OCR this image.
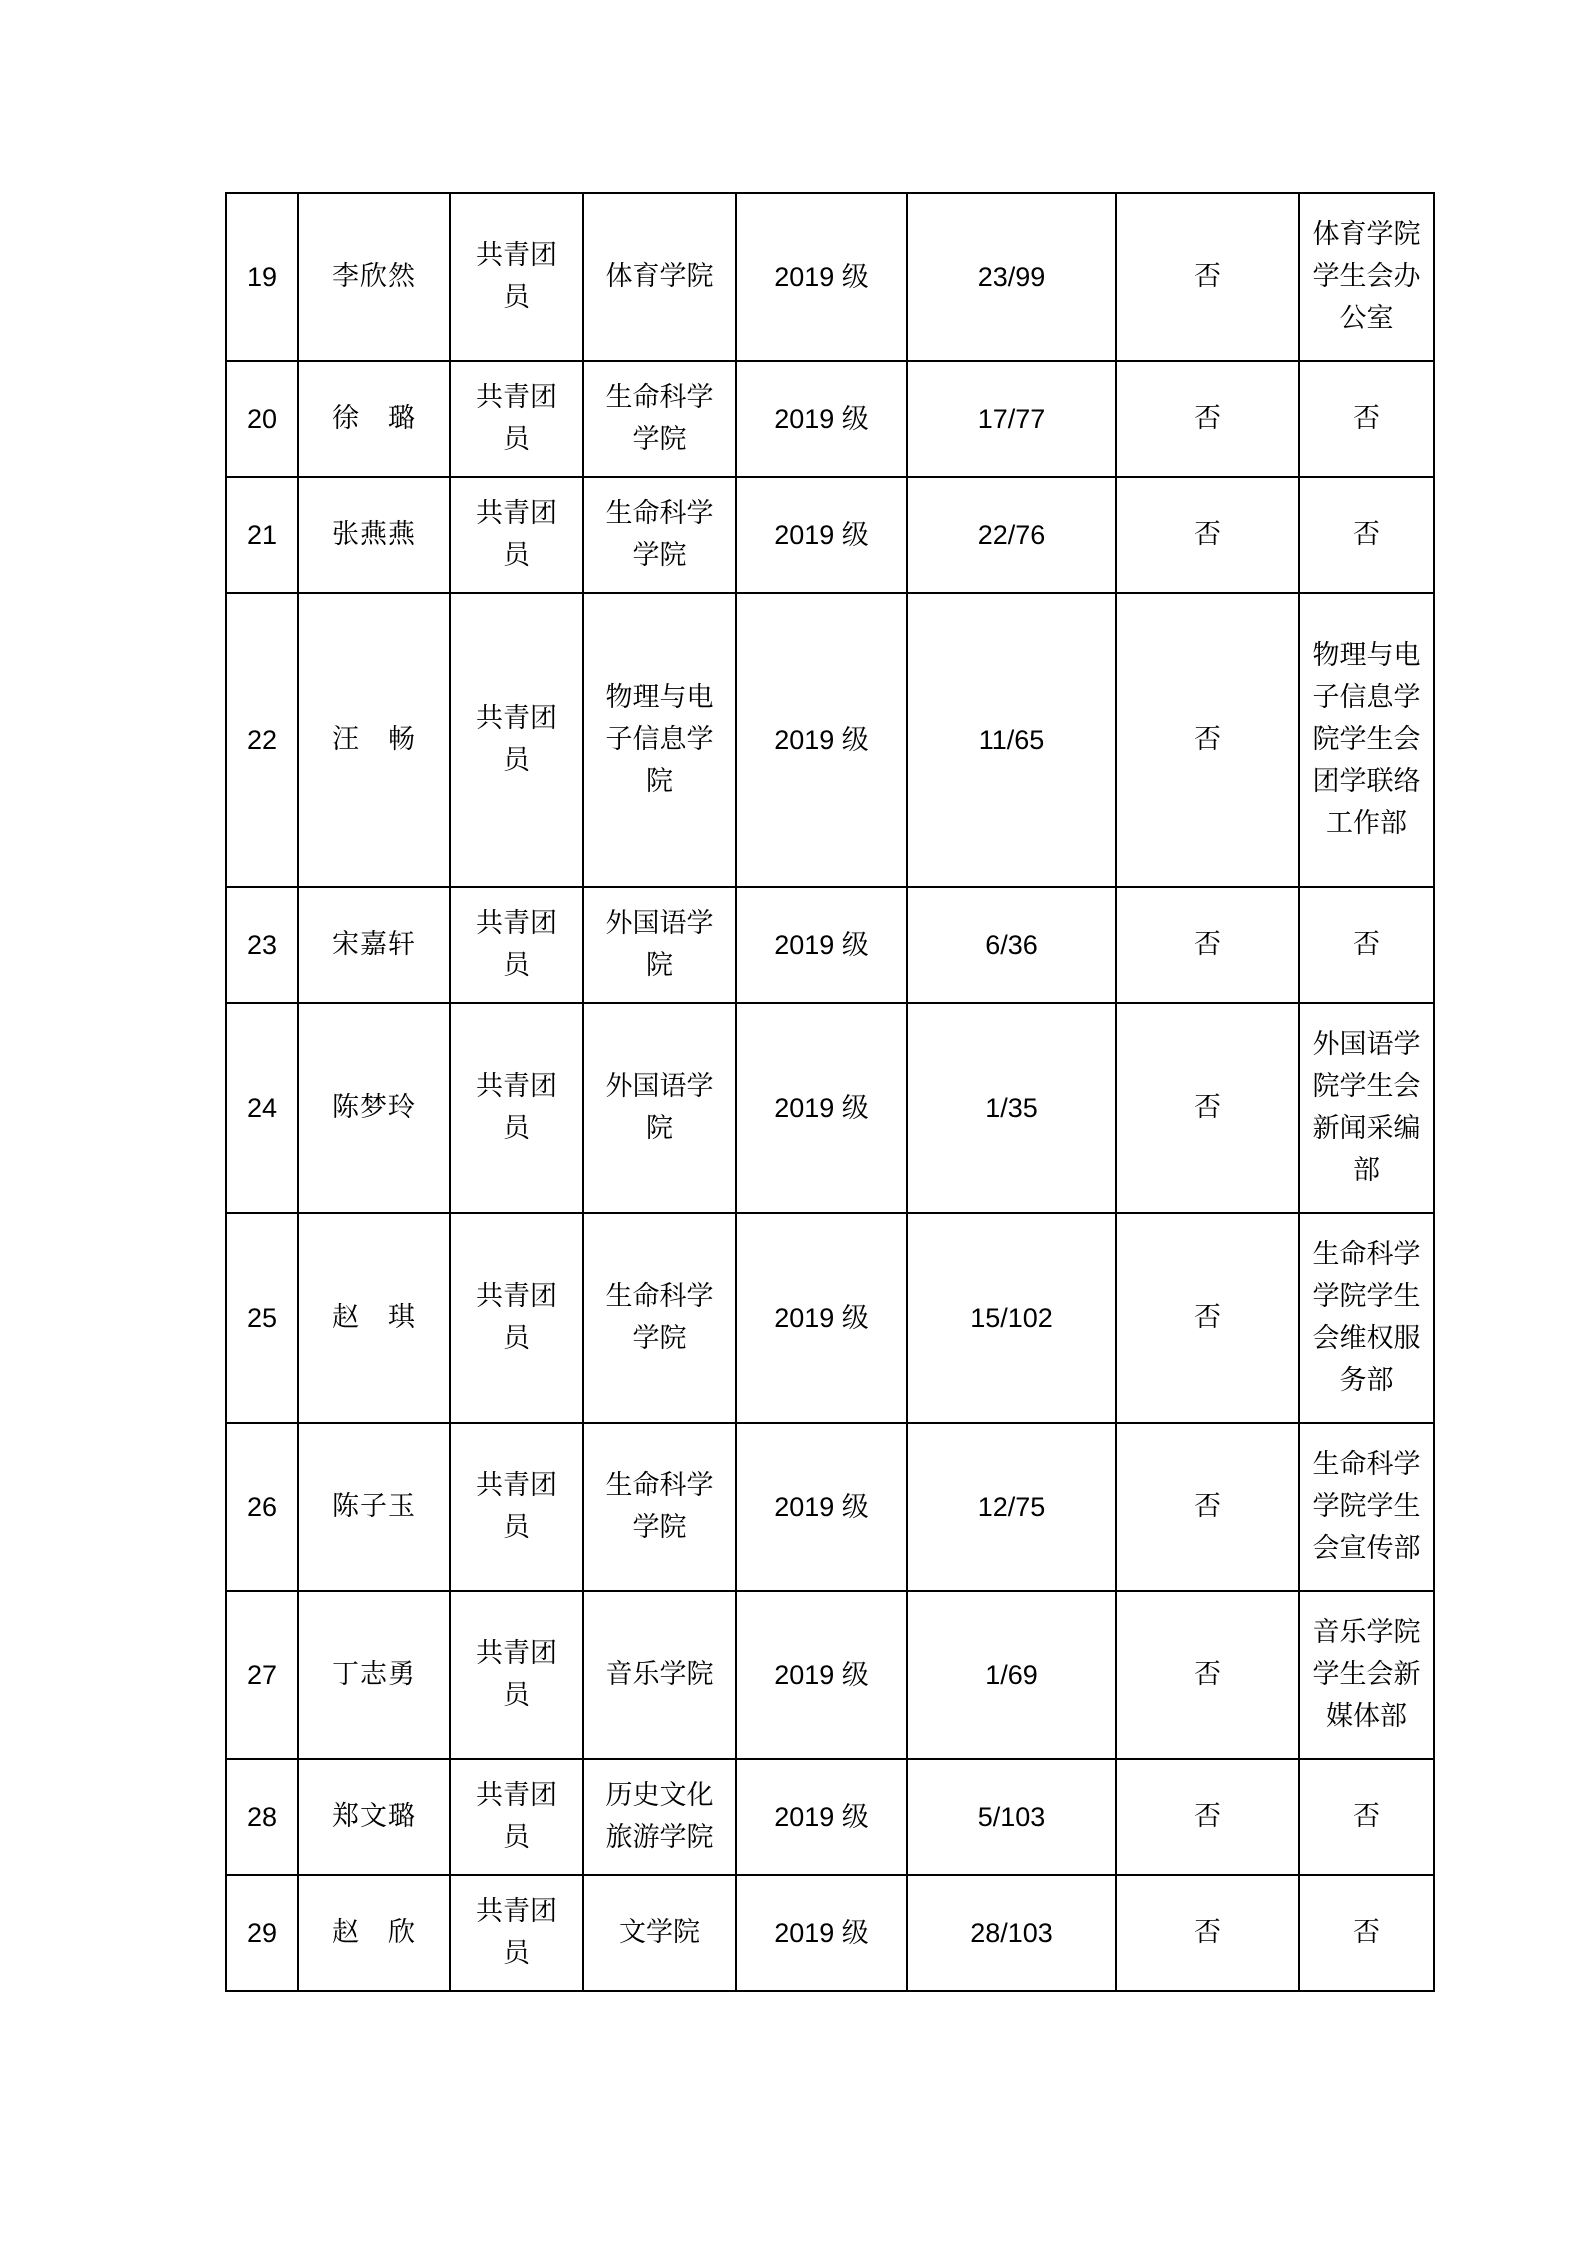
19	李欣然	共青团员	体育学院	2019 级	23/99	否	体育学院学生会办公室
20	徐　璐	共青团员	生命科学学院	2019 级	17/77	否	否
21	张燕燕	共青团员	生命科学学院	2019 级	22/76	否	否
22	汪　畅	共青团员	物理与电子信息学院	2019 级	11/65	否	物理与电子信息学院学生会团学联络工作部
23	宋嘉轩	共青团员	外国语学院	2019 级	6/36	否	否
24	陈梦玲	共青团员	外国语学院	2019 级	1/35	否	外国语学院学生会新闻采编部
25	赵　琪	共青团员	生命科学学院	2019 级	15/102	否	生命科学学院学生会维权服务部
26	陈子玉	共青团员	生命科学学院	2019 级	12/75	否	生命科学学院学生会宣传部
27	丁志勇	共青团员	音乐学院	2019 级	1/69	否	音乐学院学生会新媒体部
28	郑文璐	共青团员	历史文化旅游学院	2019 级	5/103	否	否
29	赵　欣	共青团员	文学院	2019 级	28/103	否	否
